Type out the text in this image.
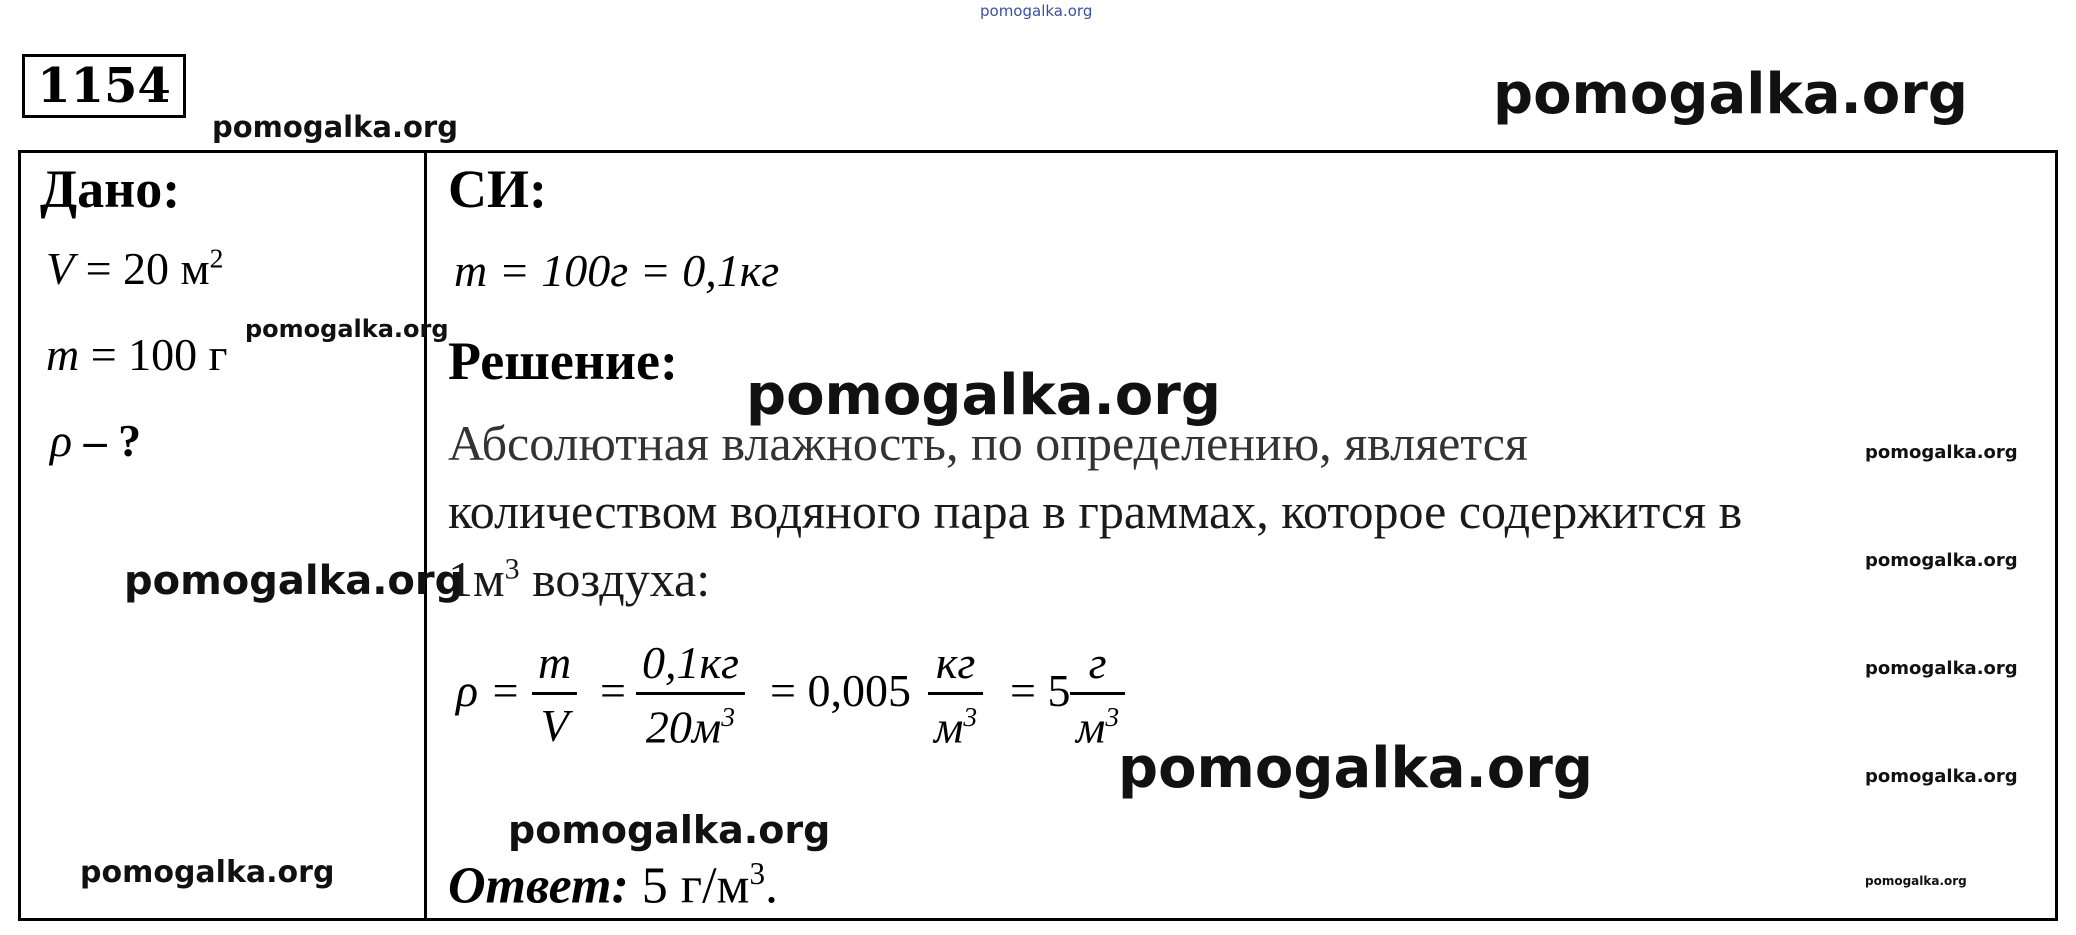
pomogalka.org
1154
pomogalka.org	pomogalka.org
Дано:
V = 20 $м^2$
m = 100 г
ρ – ?
pomogalka.org
pomogalka.org
pomogalka.org
СИ:
m = 100г = 0,1кг
Решение:
pomogalka.org
Абсолютная влажность, по определению, является
количеством водяного пара в граммах, которое содержится в
$1м^3$ воздуха:
ρ =
m
V
=
0,1кг
$20м^3$
= 0,005
кг
$м^3$
= 5
г
$м^3$
pomogalka.org
pomogalka.org
Ответ: 5 $г/м^3$.
pomogalka.org
pomogalka.org
pomogalka.org
pomogalka.org
pomogalka.org
